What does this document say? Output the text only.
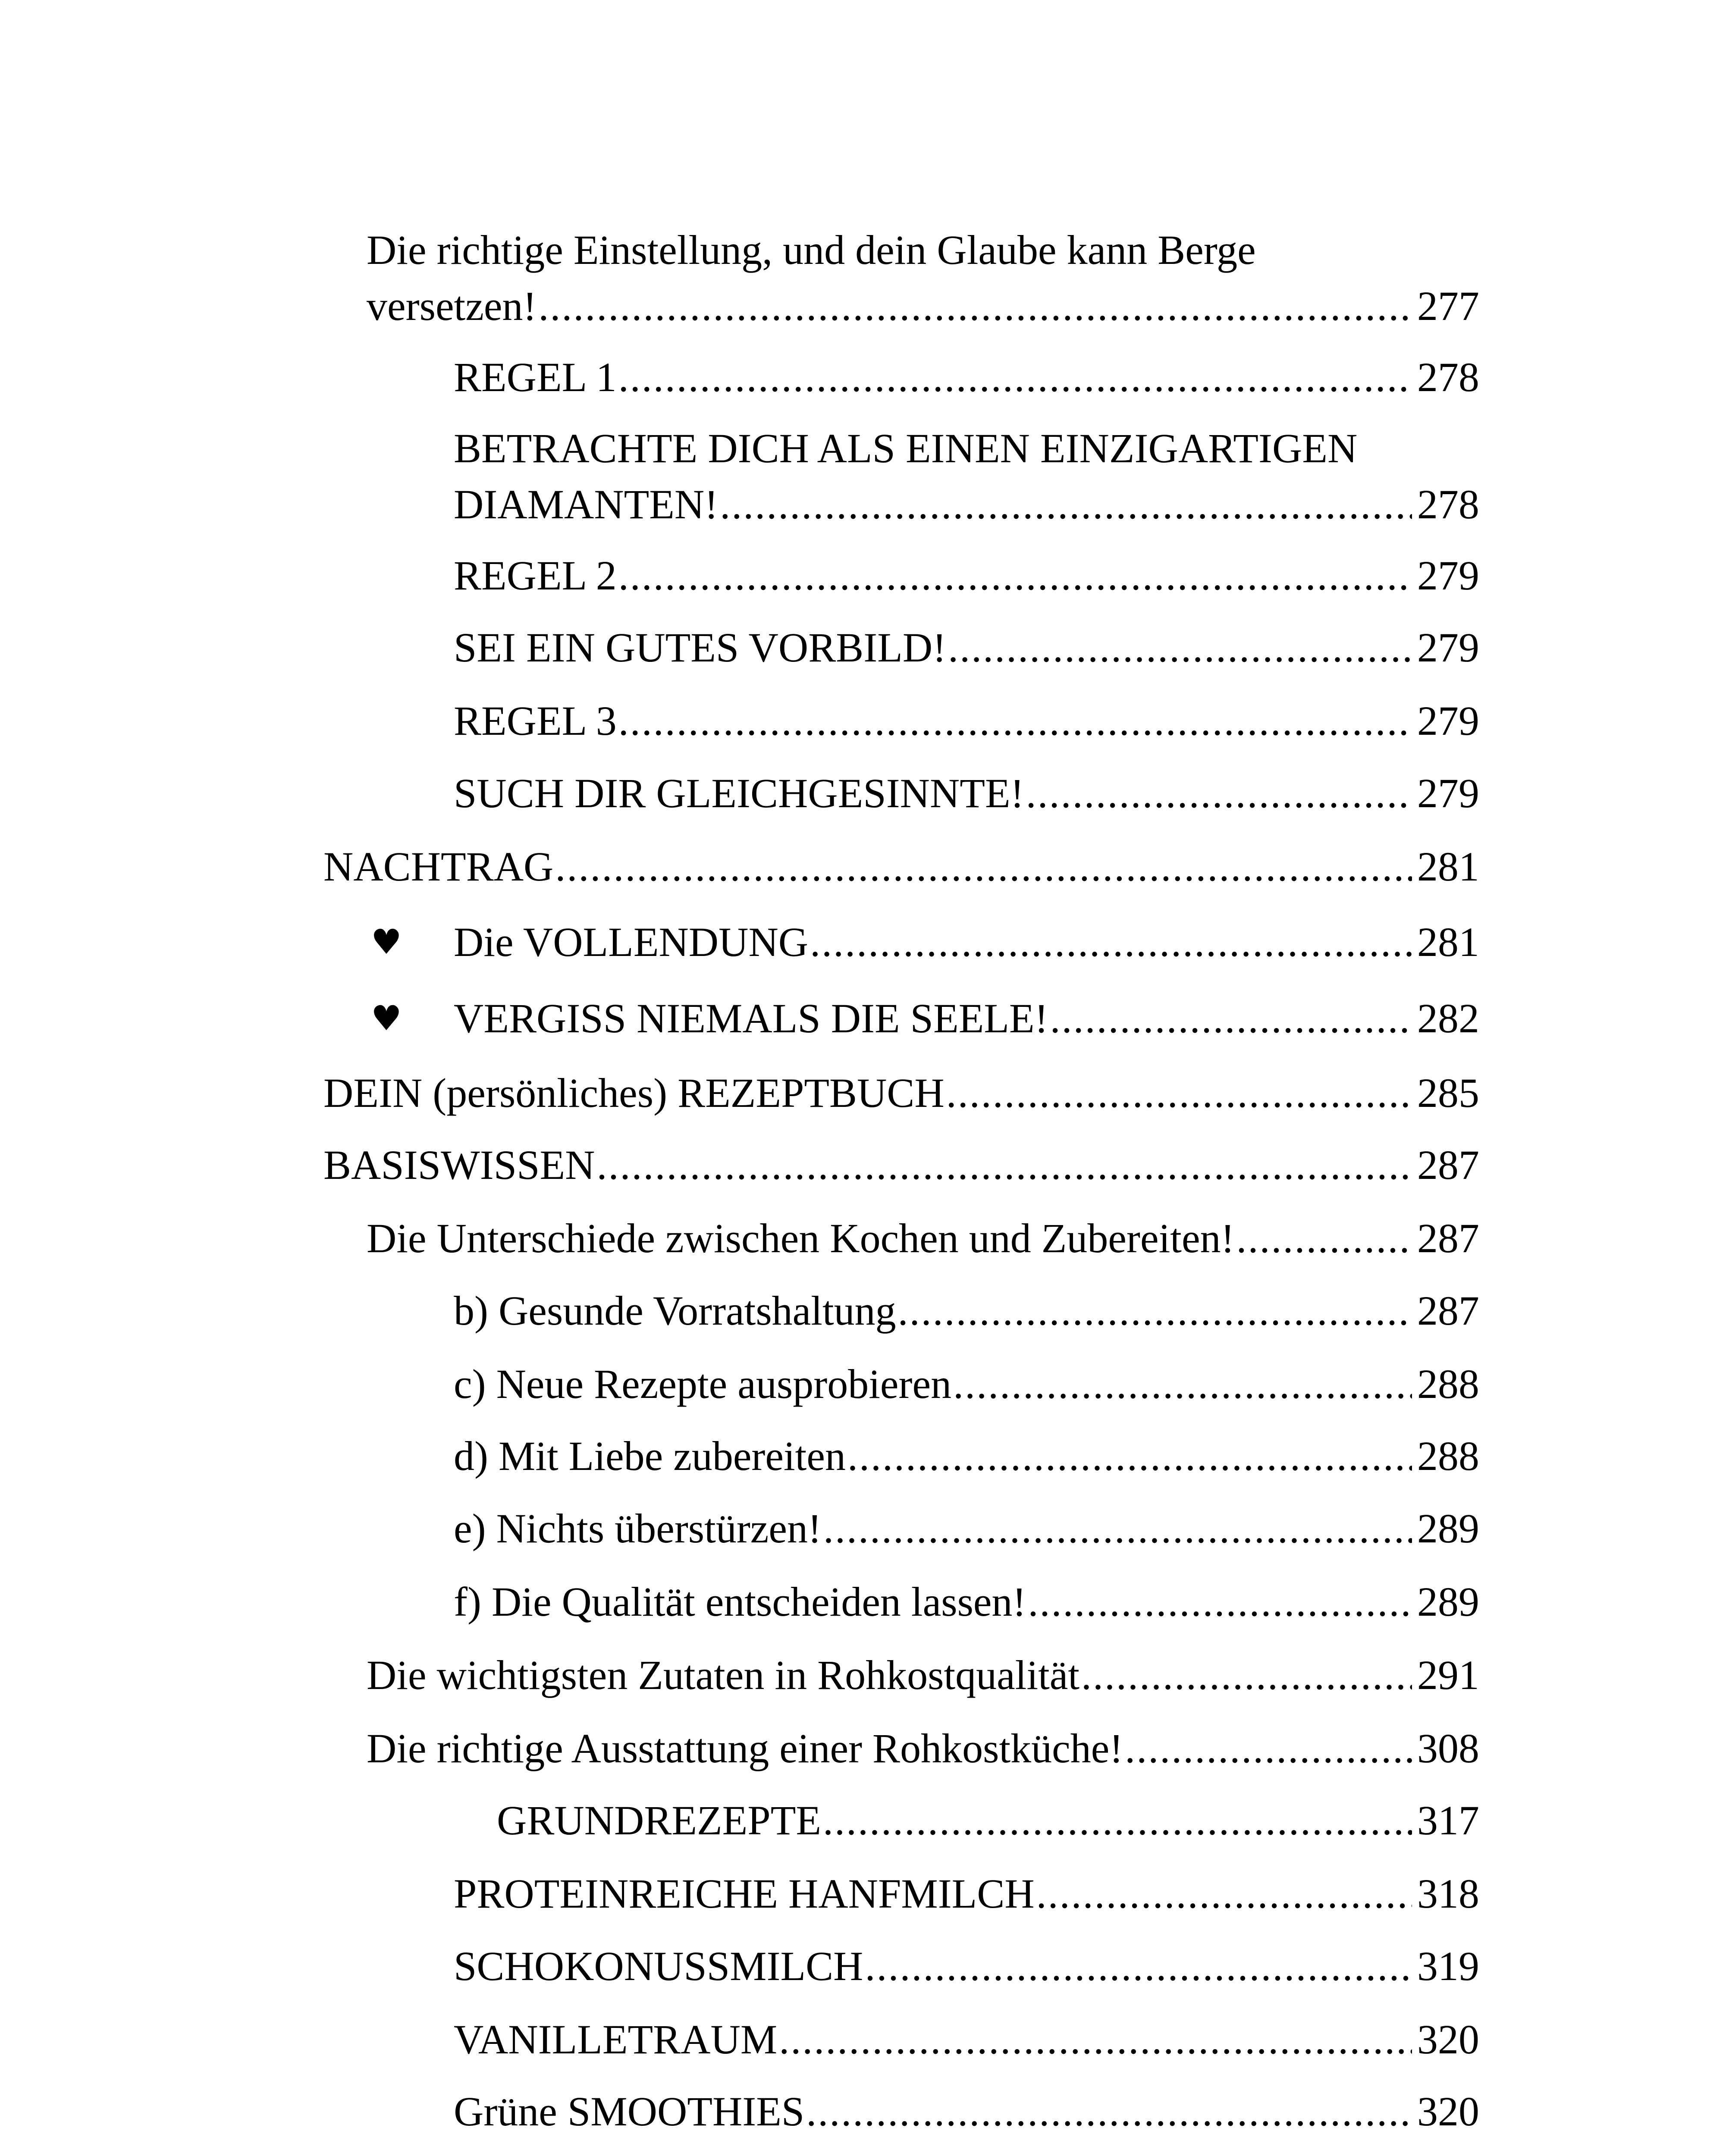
Die richtige Einstellung, und dein Glaube kann Berge
versetzen! .....	277
REGEL 1 .....	278
BETRACHTE DICH ALS EINEN EINZIGARTIGEN
DIAMANTEN! .....	278
REGEL 2 .....	279
SEI EIN GUTES VORBILD! .....	279
REGEL 3 .....	279
SUCH DIR GLEICHGESINNTE! .....	279
NACHTRAG .....	281
♥ Die VOLLENDUNG .....	281
♥ VERGISS NIEMALS DIE SEELE! .....	282
DEIN (persönliches) REZEPTBUCH .....	285
BASISWISSEN .....	287
Die Unterschiede zwischen Kochen und Zubereiten! .....	287
b) Gesunde Vorratshaltung .....	287
c) Neue Rezepte ausprobieren .....	288
d) Mit Liebe zubereiten .....	288
e) Nichts überstürzen! .....	289
f) Die Qualität entscheiden lassen! .....	289
Die wichtigsten Zutaten in Rohkostqualität .....	291
Die richtige Ausstattung einer Rohkostküche! .....	308
GRUNDREZEPTE .....	317
PROTEINREICHE HANFMILCH .....	318
SCHOKONUSSMILCH .....	319
VANILLETRAUM .....	320
Grüne SMOOTHIES .....	320
